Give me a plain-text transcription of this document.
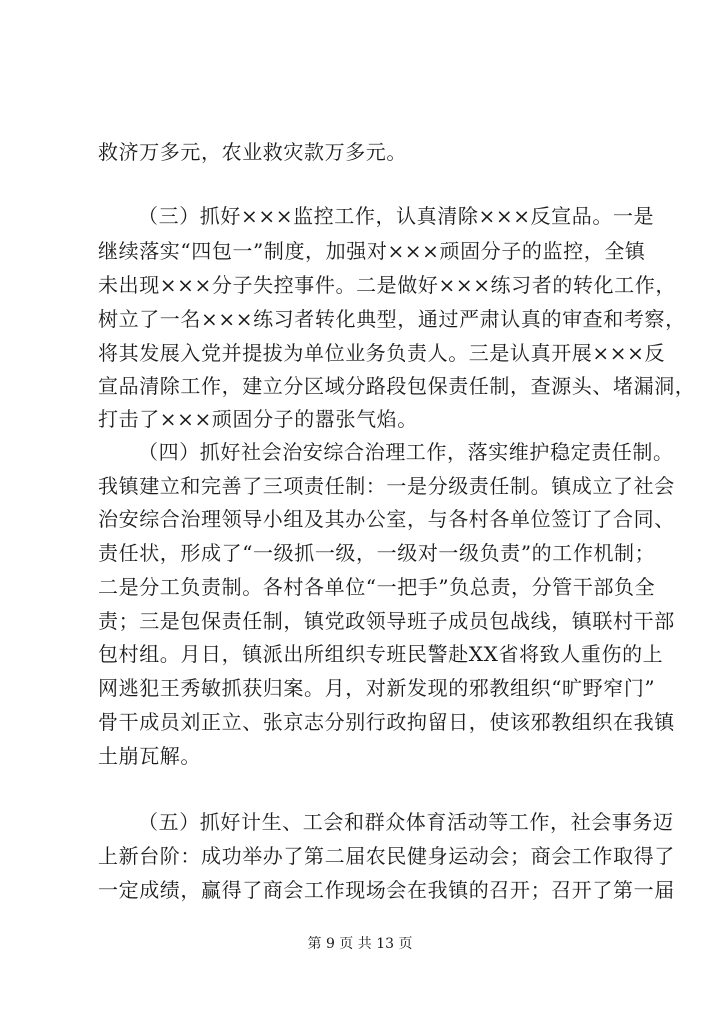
救济万多元，农业救灾款万多元。
（三）抓好×××监控工作，认真清除×××反宣品。一是
继续落实“四包一”制度，加强对×××顽固分子的监控，全镇
未出现×××分子失控事件。二是做好×××练习者的转化工作，
树立了一名×××练习者转化典型，通过严肃认真的审查和考察，
将其发展入党并提拔为单位业务负责人。三是认真开展×××反
宣品清除工作，建立分区域分路段包保责任制，查源头、堵漏洞，
打击了×××顽固分子的嚣张气焰。
（四）抓好社会治安综合治理工作，落实维护稳定责任制。
我镇建立和完善了三项责任制：一是分级责任制。镇成立了社会
治安综合治理领导小组及其办公室，与各村各单位签订了合同、
责任状，形成了“一级抓一级，一级对一级负责”的工作机制；
二是分工负责制。各村各单位“一把手”负总责，分管干部负全
责；三是包保责任制，镇党政领导班子成员包战线，镇联村干部
包村组。月日，镇派出所组织专班民警赴XX省将致人重伤的上
网逃犯王秀敏抓获归案。月，对新发现的邪教组织“旷野窄门”
骨干成员刘正立、张京志分别行政拘留日，使该邪教组织在我镇
土崩瓦解。
（五）抓好计生、工会和群众体育活动等工作，社会事务迈
上新台阶：成功举办了第二届农民健身运动会；商会工作取得了
一定成绩，赢得了商会工作现场会在我镇的召开；召开了第一届
第 9 页 共 13 页
